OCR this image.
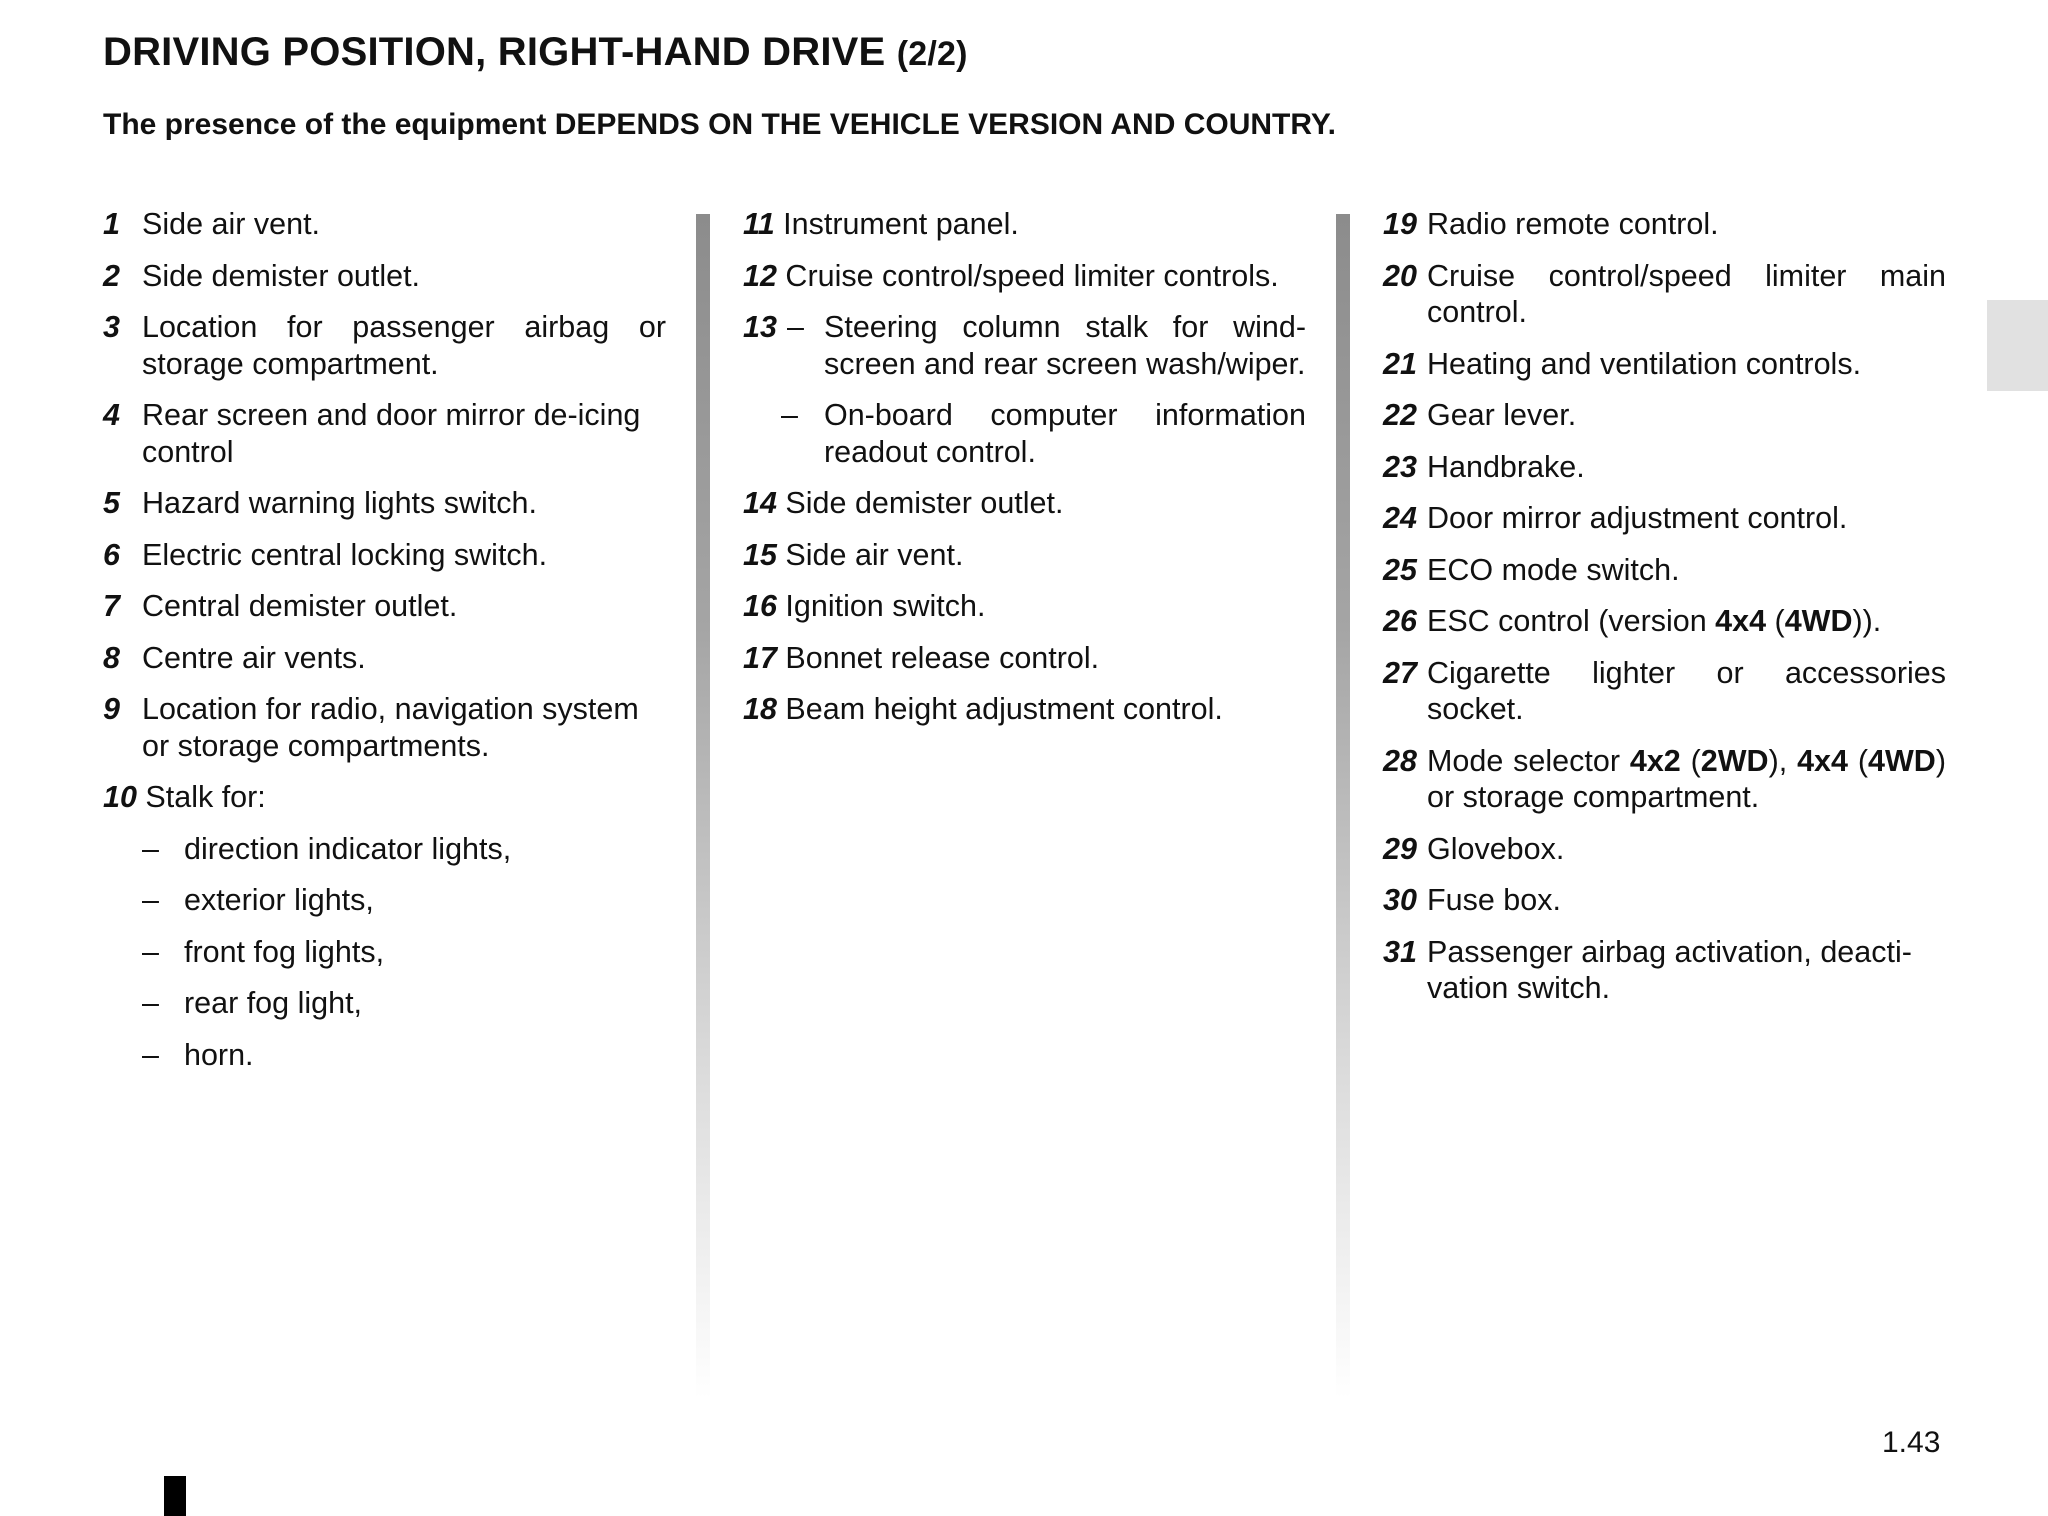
DRIVING POSITION, RIGHT-HAND DRIVE (2/2)

The presence of the equipment DEPENDS ON THE VEHICLE VERSION AND COUNTRY.

1 Side air vent.
2 Side demister outlet.
3 Location for passenger airbag or storage compartment.
4 Rear screen and door mirror de-icing control
5 Hazard warning lights switch.
6 Electric central locking switch.
7 Central demister outlet.
8 Centre air vents.
9 Location for radio, navigation system or storage compartments.
10 Stalk for:
– direction indicator lights,
– exterior lights,
– front fog lights,
– rear fog light,
– horn.
11 Instrument panel.
12 Cruise control/speed limiter controls.
13 – Steering column stalk for wind-screen and rear screen wash/wiper.
– On-board computer information readout control.
14 Side demister outlet.
15 Side air vent.
16 Ignition switch.
17 Bonnet release control.
18 Beam height adjustment control.
19 Radio remote control.
20 Cruise control/speed limiter main control.
21 Heating and ventilation controls.
22 Gear lever.
23 Handbrake.
24 Door mirror adjustment control.
25 ECO mode switch.
26 ESC control (version 4x4 (4WD)).
27 Cigarette lighter or accessories socket.
28 Mode selector 4x2 (2WD), 4x4 (4WD) or storage compartment.
29 Glovebox.
30 Fuse box.
31 Passenger airbag activation, deacti-vation switch.
1.43
